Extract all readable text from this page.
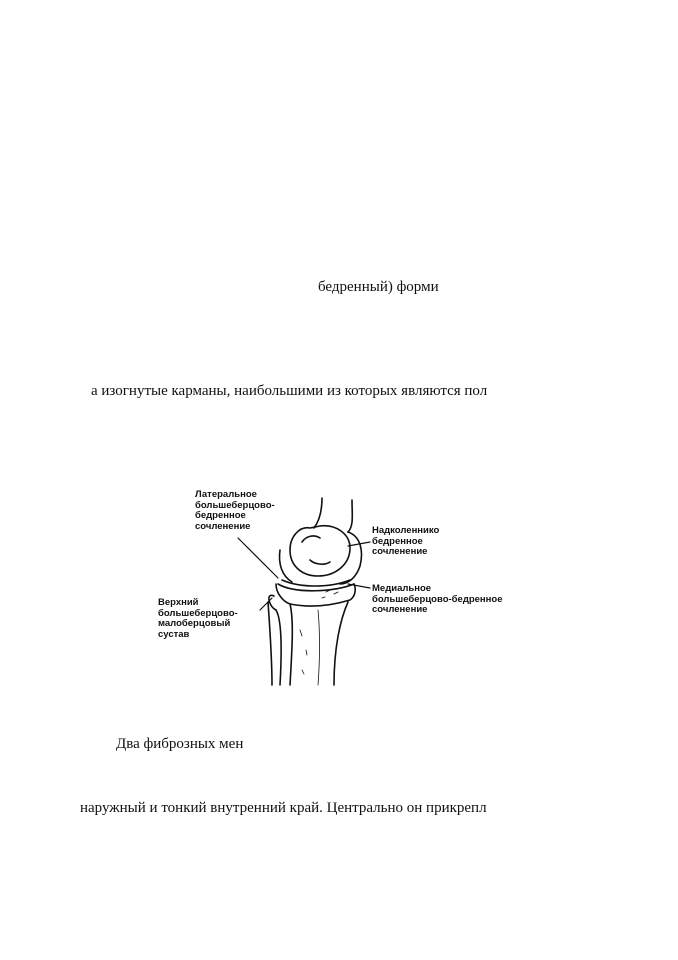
бедренный) форми
а изогнутые карманы, наибольшими из которых являются пол
Латеральное
большеберцово-
бедренное
сочленение	Надколеннико
бедренное
сочленение
Медиальное
большеберцово-бедренное
сочленение
Верхний
большеберцово-
малоберцовый
сустав
Два фиброзных мен
наружный и тонкий внутренний край. Центрально он прикрепл
